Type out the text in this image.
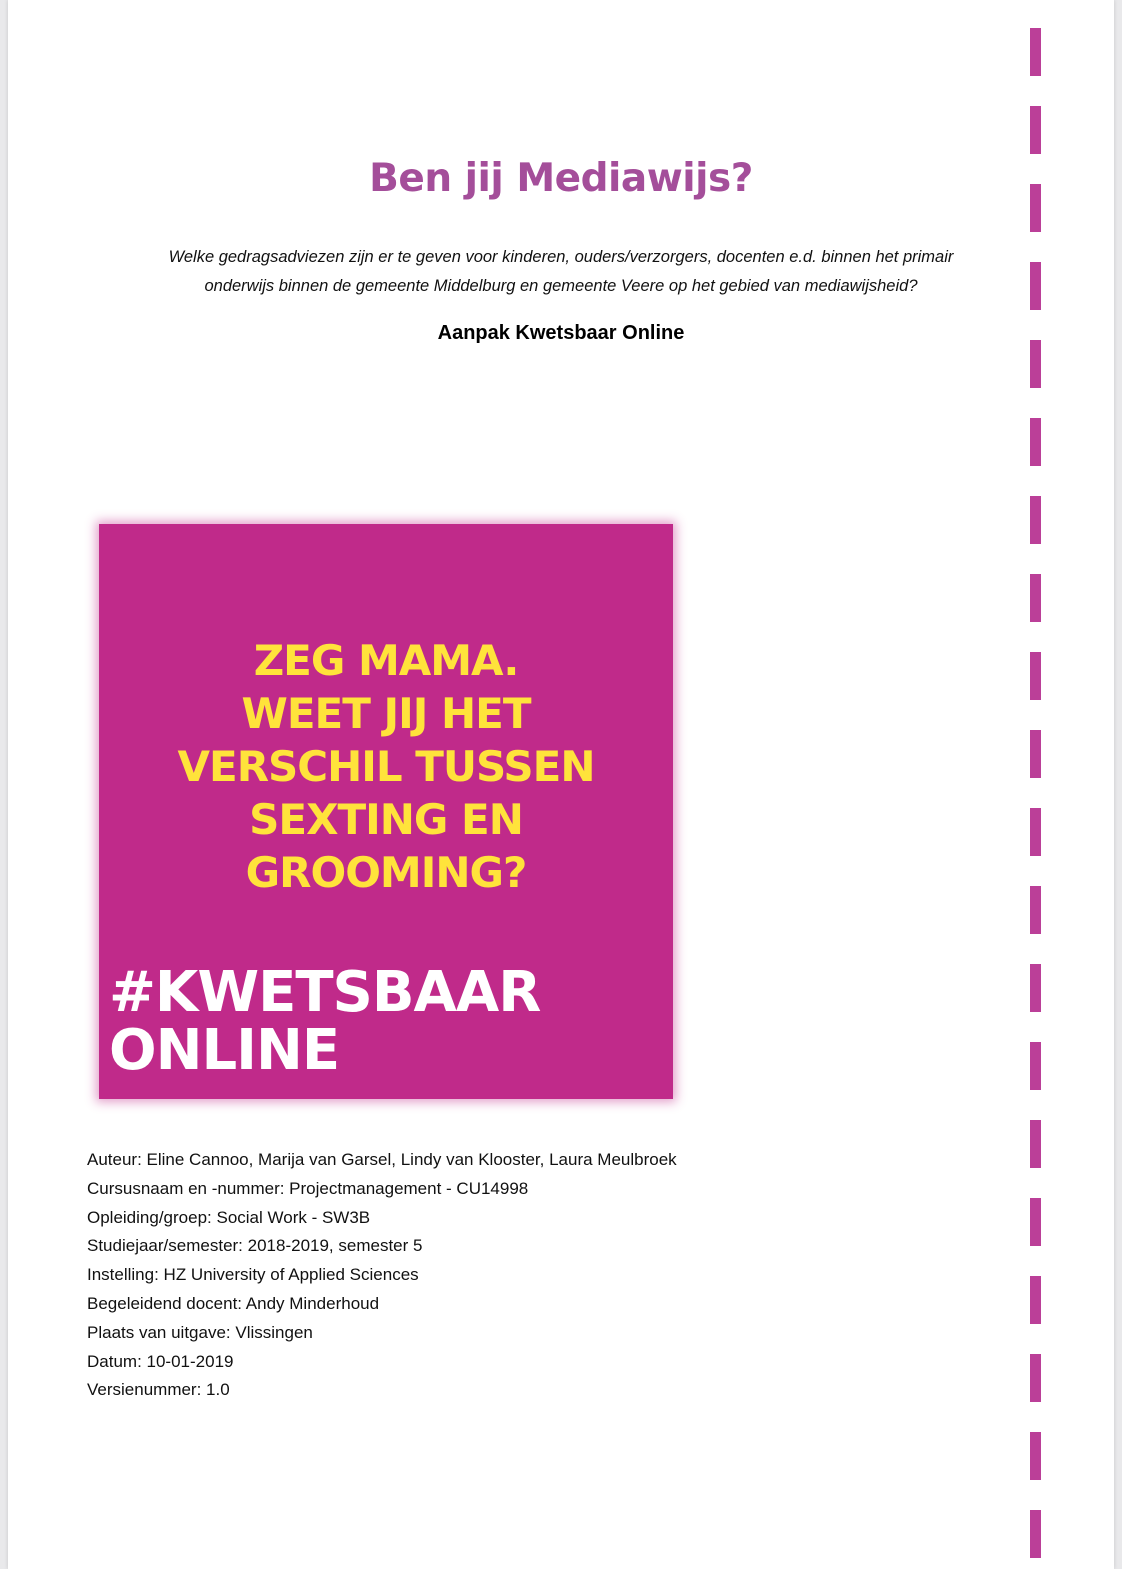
Ben jij Mediawijs?
Welke gedragsadviezen zijn er te geven voor kinderen, ouders/verzorgers, docenten e.d. binnen het primair
onderwijs binnen de gemeente Middelburg en gemeente Veere op het gebied van mediawijsheid?
Aanpak Kwetsbaar Online
ZEG MAMA.
WEET JIJ HET
VERSCHIL TUSSEN
SEXTING EN
GROOMING?
#KWETSBAAR
ONLINE
Auteur: Eline Cannoo, Marija van Garsel, Lindy van Klooster, Laura Meulbroek
Cursusnaam en -nummer: Projectmanagement - CU14998
Opleiding/groep: Social Work - SW3B
Studiejaar/semester: 2018-2019, semester 5
Instelling: HZ University of Applied Sciences
Begeleidend docent: Andy Minderhoud
Plaats van uitgave: Vlissingen
Datum: 10-01-2019
Versienummer: 1.0
